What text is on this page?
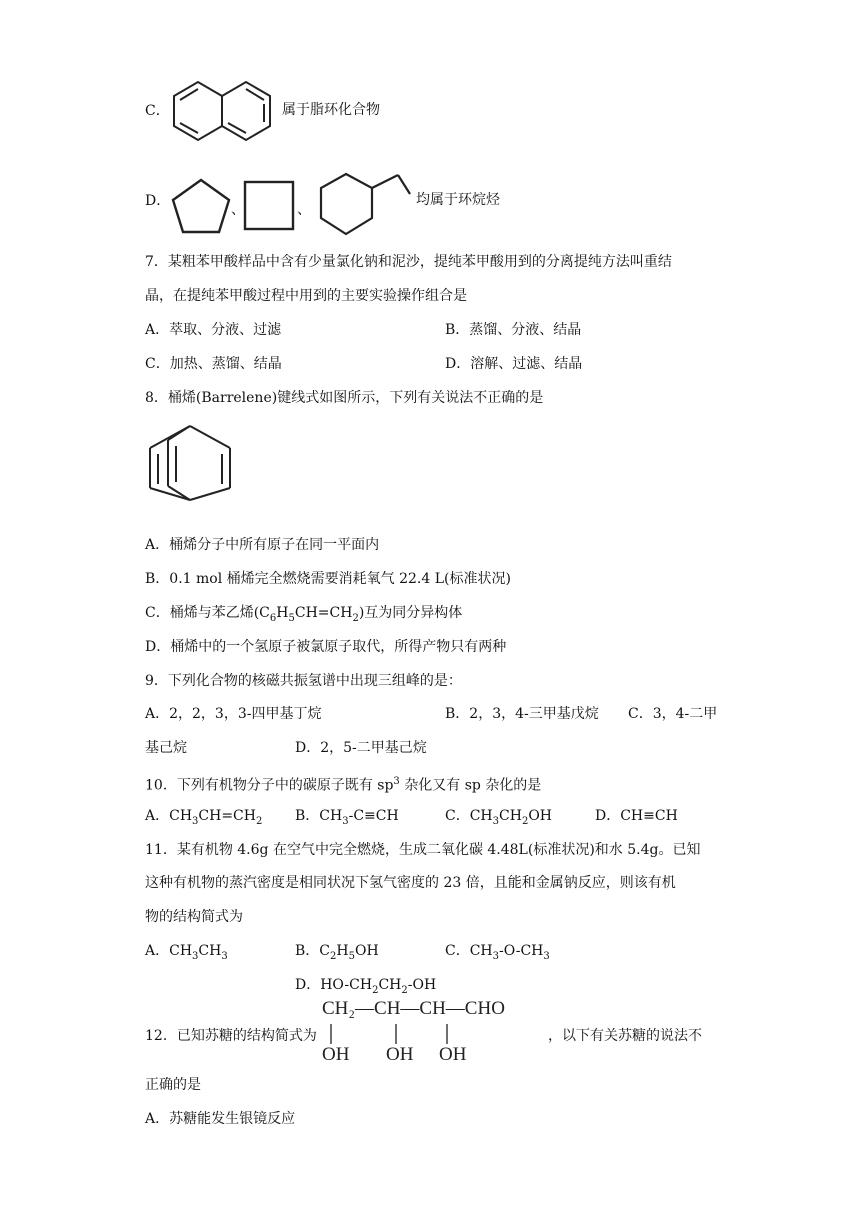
C．	属于脂环化合物
D．
、	、
均属于环烷烃
7．某粗苯甲酸样品中含有少量氯化钠和泥沙，提纯苯甲酸用到的分离提纯方法叫重结
晶，在提纯苯甲酸过程中用到的主要实验操作组合是
A．萃取、分液、过滤	B．蒸馏、分液、结晶
C．加热、蒸馏、结晶	D．溶解、过滤、结晶
8．桶烯(Barrelene)键线式如图所示，下列有关说法不正确的是
A．桶烯分子中所有原子在同一平面内
B．0.1 mol 桶烯完全燃烧需要消耗氧气 22.4 L(标准状况)
C．桶烯与苯乙烯$(C_6H_5CH=CH_2)$互为同分异构体
D．桶烯中的一个氢原子被氯原子取代，所得产物只有两种
9．下列化合物的核磁共振氢谱中出现三组峰的是：
A．2，2，3，3-四甲基丁烷	B．2，3，4-三甲基戊烷 C．3，4-二甲
基己烷	D．2，5-二甲基己烷
10．下列有机物分子中的碳原子既有 $sp^3$ 杂化又有 sp 杂化的是
A．$CH_3CH=CH_2$ B．$CH_3-C\equiv CH$	C．$CH_3CH_2OH$	D．CH≡CH
11．某有机物 4.6g 在空气中完全燃烧，生成二氧化碳 4.48L(标准状况)和水 5.4g。已知
这种有机物的蒸汽密度是相同状况下氢气密度的 23 倍，且能和金属钠反应，则该有机
物的结构简式为
A．$CH_3CH_3$	B．$C_2H_5OH$	C．$CH_3-O-CH_3$
D．$HO-CH_2CH_2-OH$
12．已知苏糖的结构简式为
CH₂—CH—CH—CHO
OH OH OH
，以下有关苏糖的说法不
正确的是
A．苏糖能发生银镜反应
